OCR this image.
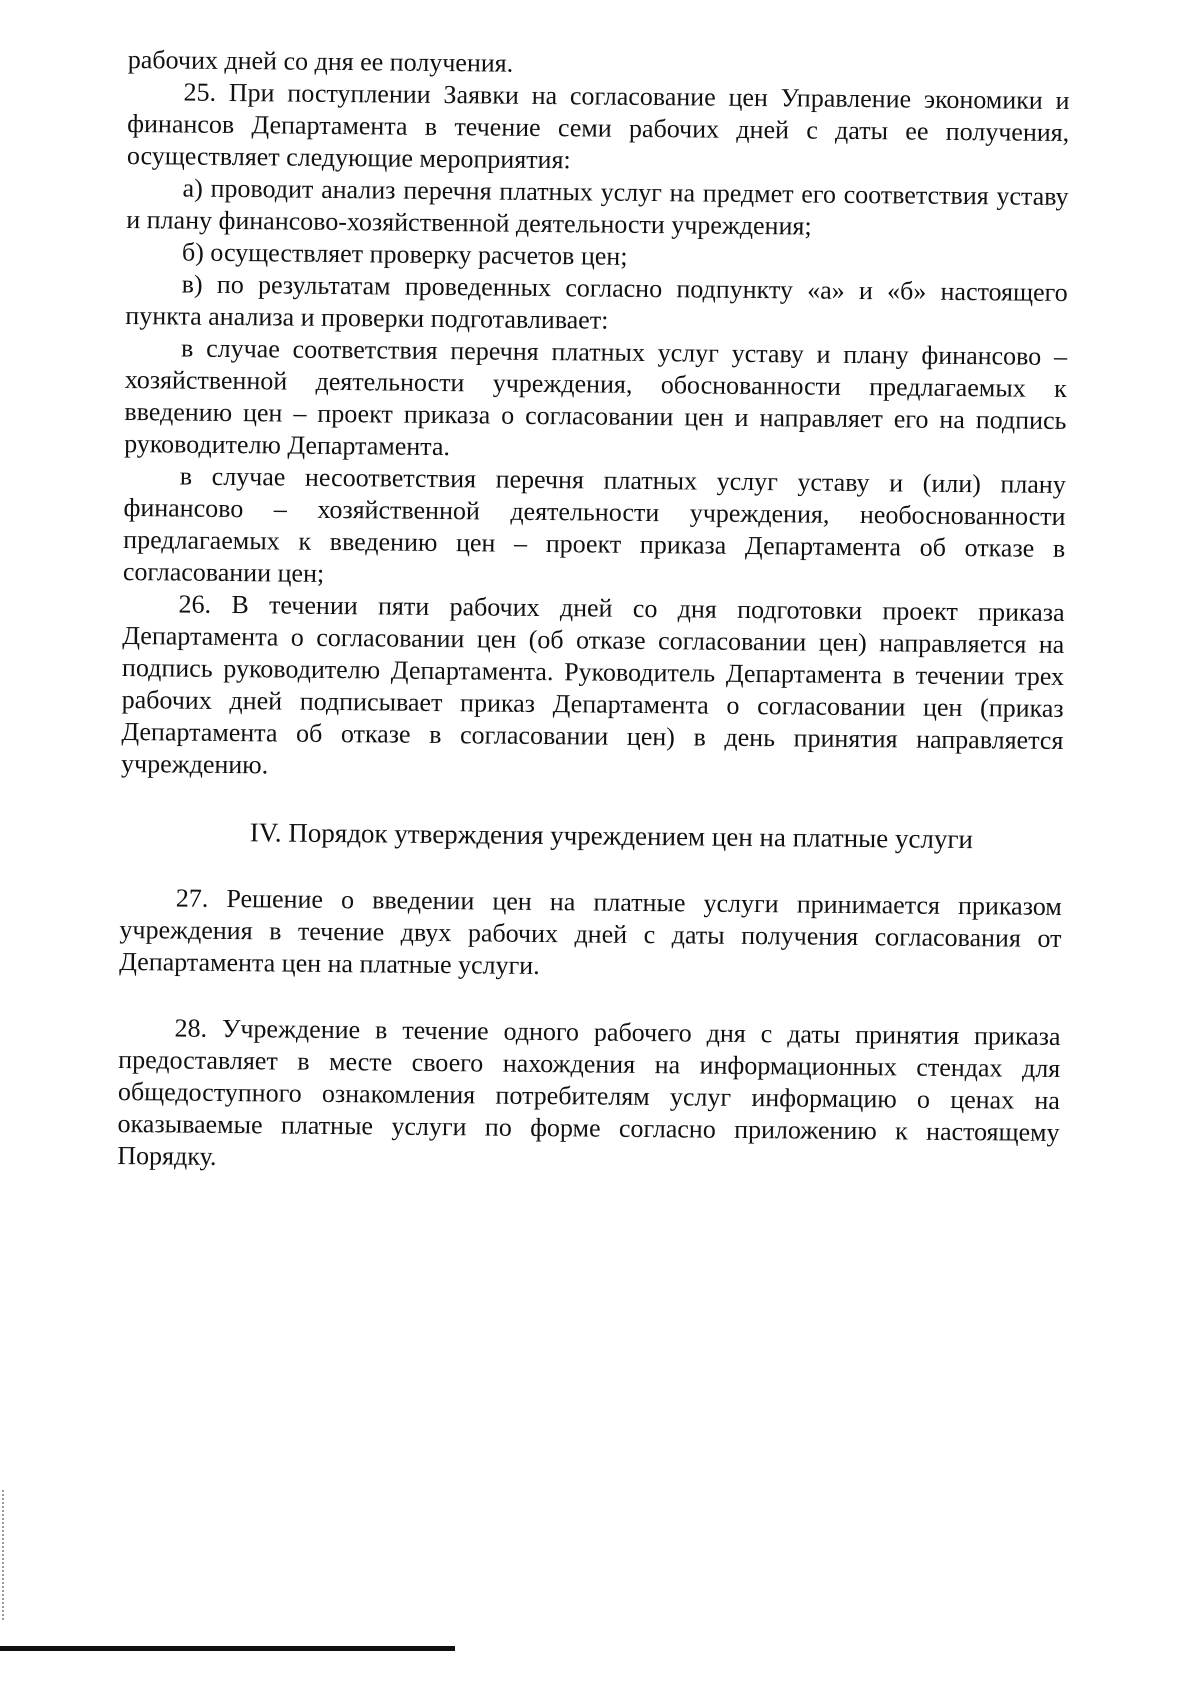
рабочих дней со дня ее получения.

25. При поступлении Заявки на согласование цен Управление экономики и финансов Департамента в течение семи рабочих дней с даты ее получения, осуществляет следующие мероприятия:

а) проводит анализ перечня платных услуг на предмет его соответствия уставу и плану финансово-хозяйственной деятельности учреждения;

б) осуществляет проверку расчетов цен;

в) по результатам проведенных согласно подпункту «а» и «б» настоящего пункта анализа и проверки подготавливает:

в случае соответствия перечня платных услуг уставу и плану финансово – хозяйственной деятельности учреждения, обоснованности предлагаемых к введению цен – проект приказа о согласовании цен и направляет его на подпись руководителю Департамента.

в случае несоответствия перечня платных услуг уставу и (или) плану финансово – хозяйственной деятельности учреждения, необоснованности предлагаемых к введению цен – проект приказа Департамента об отказе в согласовании цен;

26. В течении пяти рабочих дней со дня подготовки проект приказа Департамента о согласовании цен (об отказе согласовании цен) направляется на подпись руководителю Департамента. Руководитель Департамента в течении трех рабочих дней подписывает приказ Департамента о согласовании цен (приказ Департамента об отказе в согласовании цен) в день принятия направляется учреждению.

IV. Порядок утверждения учреждением цен на платные услуги

27. Решение о введении цен на платные услуги принимается приказом учреждения в течение двух рабочих дней с даты получения согласования от Департамента цен на платные услуги.

28. Учреждение в течение одного рабочего дня с даты принятия приказа предоставляет в месте своего нахождения на информационных стендах для общедоступного ознакомления потребителям услуг информацию о ценах на оказываемые платные услуги по форме согласно приложению к настоящему Порядку.
